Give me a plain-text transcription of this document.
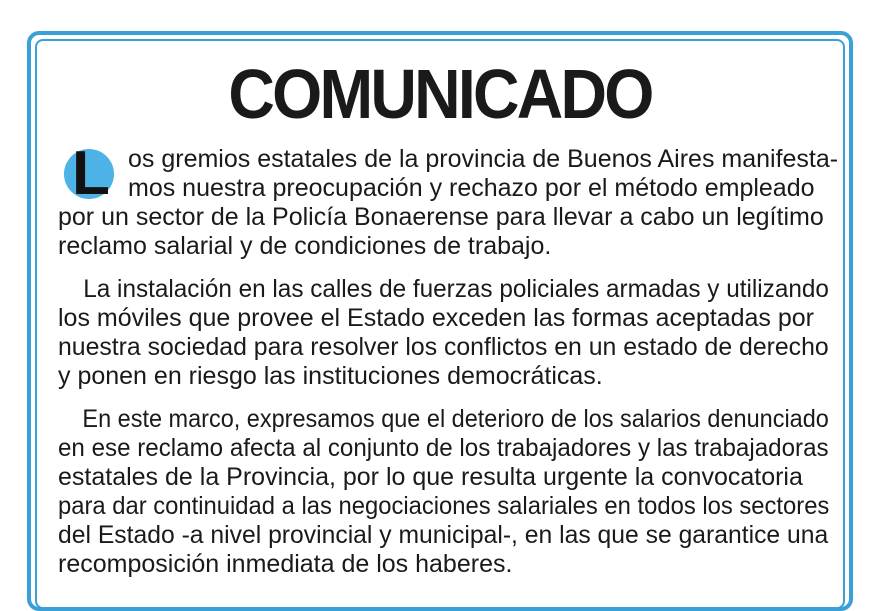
COMUNICADO
L os gremios estatales de la provincia de Buenos Aires manifesta-
mos nuestra preocupación y rechazo por el método empleado
por un sector de la Policía Bonaerense para llevar a cabo un legítimo
reclamo salarial y de condiciones de trabajo.
La instalación en las calles de fuerzas policiales armadas y utilizando
los móviles que provee el Estado exceden las formas aceptadas por
nuestra sociedad para resolver los conflictos en un estado de derecho
y ponen en riesgo las instituciones democráticas.
En este marco, expresamos que el deterioro de los salarios denunciado
en ese reclamo afecta al conjunto de los trabajadores y las trabajadoras
estatales de la Provincia, por lo que resulta urgente la convocatoria
para dar continuidad a las negociaciones salariales en todos los sectores
del Estado -a nivel provincial y municipal-, en las que se garantice una
recomposición inmediata de los haberes.
